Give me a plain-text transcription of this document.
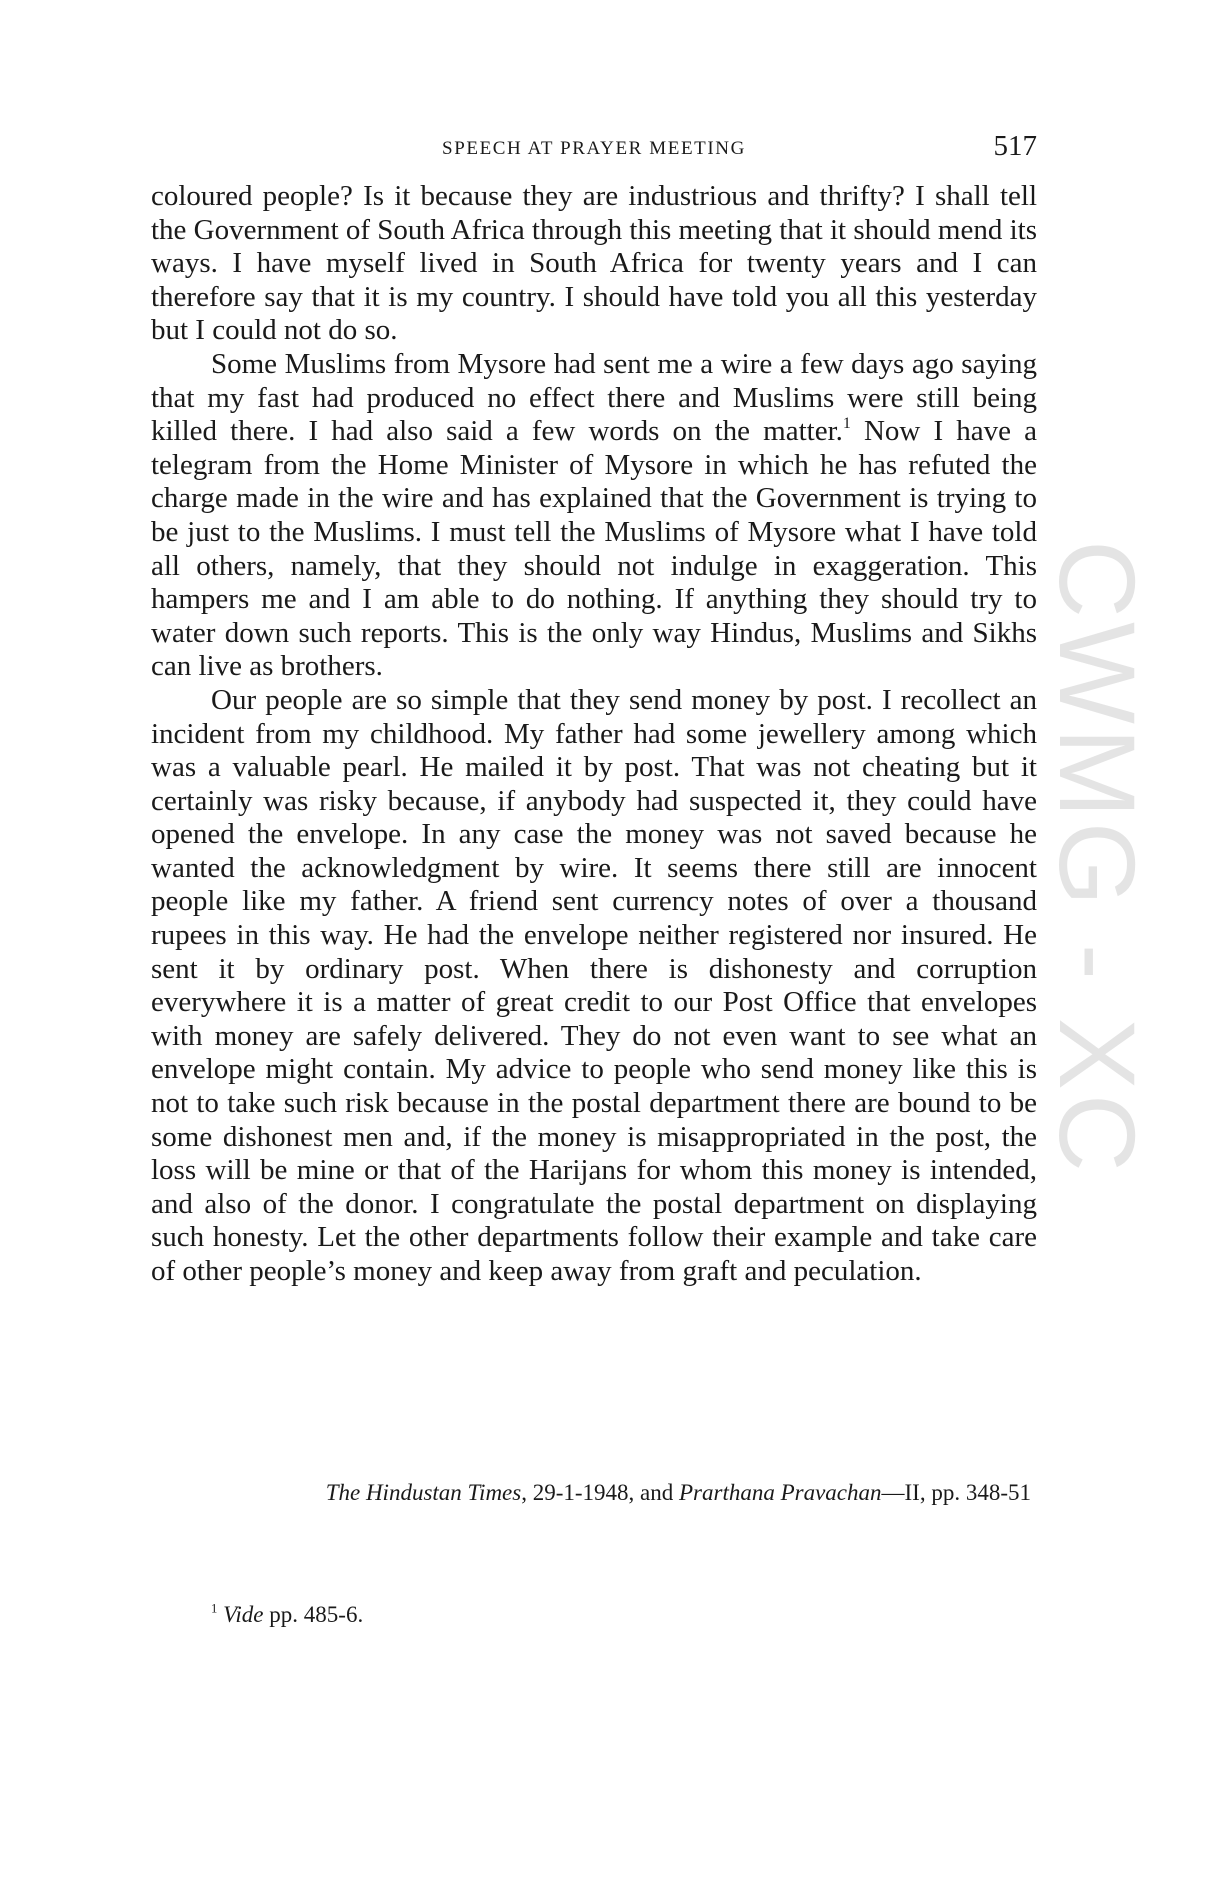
SPEECH AT PRAYER MEETING	517

coloured people? Is it because they are industrious and thrifty? I shall tell the Government of South Africa through this meeting that it should mend its ways. I have myself lived in South Africa for twenty years and I can therefore say that it is my country. I should have told you all this yesterday but I could not do so.

Some Muslims from Mysore had sent me a wire a few days ago saying that my fast had produced no effect there and Muslims were still being killed there. I had also said a few words on the matter.$^1$ Now I have a telegram from the Home Minister of Mysore in which he has refuted the charge made in the wire and has explained that the Government is trying to be just to the Muslims. I must tell the Muslims of Mysore what I have told all others, namely, that they should not indulge in exaggeration. This hampers me and I am able to do nothing. If anything they should try to water down such reports. This is the only way Hindus, Muslims and Sikhs can live as brothers.

Our people are so simple that they send money by post. I recollect an incident from my childhood. My father had some jewellery among which was a valuable pearl. He mailed it by post. That was not cheating but it certainly was risky because, if anybody had suspected it, they could have opened the envelope. In any case the money was not saved because he wanted the acknowledgment by wire. It seems there still are innocent people like my father. A friend sent currency notes of over a thousand rupees in this way. He had the envelope neither registered nor insured. He sent it by ordinary post. When there is dishonesty and corruption everywhere it is a matter of great credit to our Post Office that envelopes with money are safely delivered. They do not even want to see what an envelope might contain. My advice to people who send money like this is not to take such risk because in the postal department there are bound to be some dishonest men and, if the money is misappropriated in the post, the loss will be mine or that of the Harijans for whom this money is intended, and also of the donor. I congratulate the postal department on displaying such honesty. Let the other departments follow their example and take care of other people’s money and keep away from graft and peculation.

The Hindustan Times, 29-1-1948, and Prarthana Pravachan—II, pp. 348-51
$^1$ Vide pp. 485-6.
CWMG - XC
